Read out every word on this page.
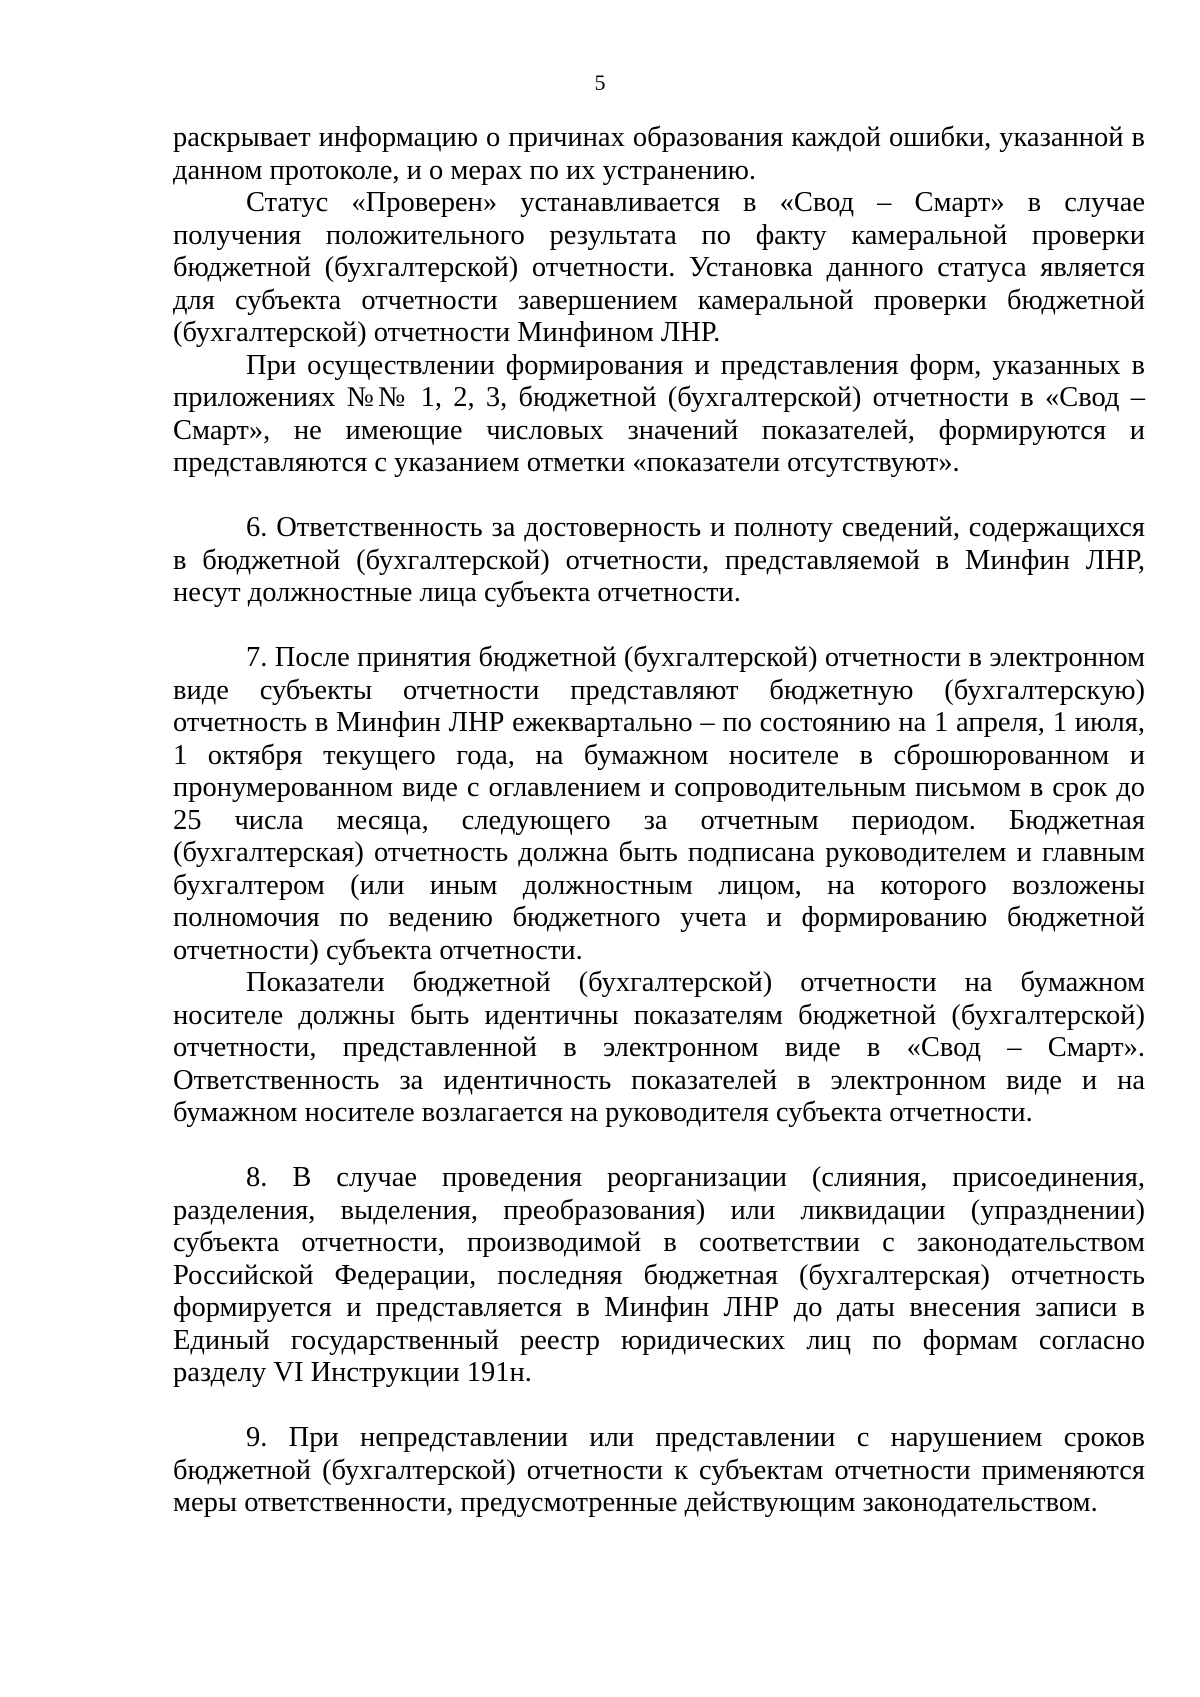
5

раскрывает информацию о причинах образования каждой ошибки, указанной в данном протоколе, и о мерах по их устранению.

Статус «Проверен» устанавливается в «Свод – Смарт» в случае получения положительного результата по факту камеральной проверки бюджетной (бухгалтерской) отчетности. Установка данного статуса является для субъекта отчетности завершением камеральной проверки бюджетной (бухгалтерской) отчетности Минфином ЛНР.

При осуществлении формирования и представления форм, указанных в приложениях №№ 1, 2, 3, бюджетной (бухгалтерской) отчетности в «Свод – Смарт», не имеющие числовых значений показателей, формируются и представляются с указанием отметки «показатели отсутствуют».

6. Ответственность за достоверность и полноту сведений, содержащихся в бюджетной (бухгалтерской) отчетности, представляемой в Минфин ЛНР, несут должностные лица субъекта отчетности.

7. После принятия бюджетной (бухгалтерской) отчетности в электронном виде субъекты отчетности представляют бюджетную (бухгалтерскую) отчетность в Минфин ЛНР ежеквартально – по состоянию на 1 апреля, 1 июля, 1 октября текущего года, на бумажном носителе в сброшюрованном и пронумерованном виде с оглавлением и сопроводительным письмом в срок до 25 числа месяца, следующего за отчетным периодом. Бюджетная (бухгалтерская) отчетность должна быть подписана руководителем и главным бухгалтером (или иным должностным лицом, на которого возложены полномочия по ведению бюджетного учета и формированию бюджетной отчетности) субъекта отчетности.

Показатели бюджетной (бухгалтерской) отчетности на бумажном носителе должны быть идентичны показателям бюджетной (бухгалтерской) отчетности, представленной в электронном виде в «Свод – Смарт». Ответственность за идентичность показателей в электронном виде и на бумажном носителе возлагается на руководителя субъекта отчетности.

8. В случае проведения реорганизации (слияния, присоединения, разделения, выделения, преобразования) или ликвидации (упразднении) субъекта отчетности, производимой в соответствии с законодательством Российской Федерации, последняя бюджетная (бухгалтерская) отчетность формируется и представляется в Минфин ЛНР до даты внесения записи в Единый государственный реестр юридических лиц по формам согласно разделу VI Инструкции 191н.

9. При непредставлении или представлении с нарушением сроков бюджетной (бухгалтерской) отчетности к субъектам отчетности применяются меры ответственности, предусмотренные действующим законодательством.
